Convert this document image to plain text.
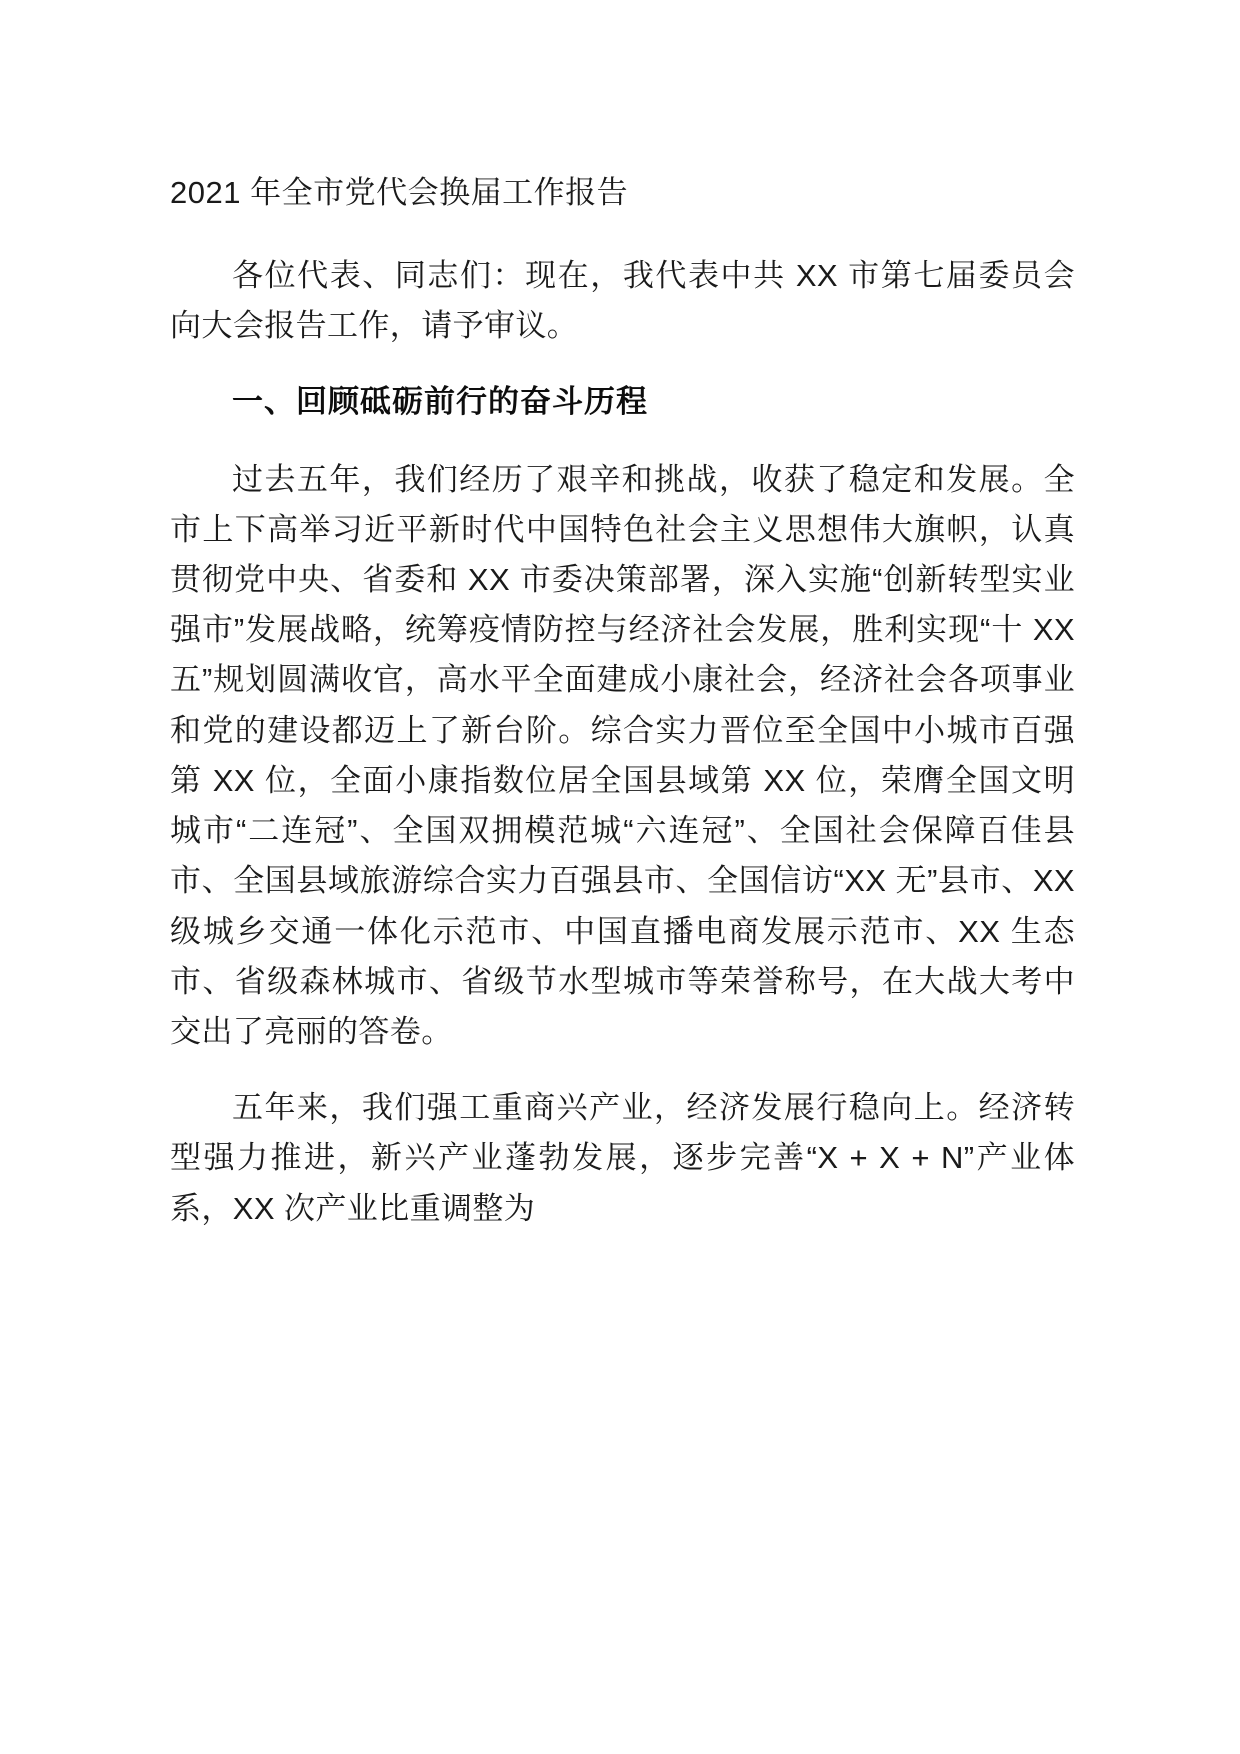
2021 年全市党代会换届工作报告

各位代表、同志们：现在，我代表中共 XX 市第七届委员会向大会报告工作，请予审议。

一、回顾砥砺前行的奋斗历程

过去五年，我们经历了艰辛和挑战，收获了稳定和发展。全市上下高举习近平新时代中国特色社会主义思想伟大旗帜，认真贯彻党中央、省委和 XX 市委决策部署，深入实施“创新转型实业强市”发展战略，统筹疫情防控与经济社会发展，胜利实现“十 XX 五”规划圆满收官，高水平全面建成小康社会，经济社会各项事业和党的建设都迈上了新台阶。综合实力晋位至全国中小城市百强第 XX 位，全面小康指数位居全国县域第 XX 位，荣膺全国文明城市“二连冠”、全国双拥模范城“六连冠”、全国社会保障百佳县市、全国县域旅游综合实力百强县市、全国信访“XX 无”县市、XX 级城乡交通一体化示范市、中国直播电商发展示范市、XX 生态市、省级森林城市、省级节水型城市等荣誉称号，在大战大考中交出了亮丽的答卷。

五年来，我们强工重商兴产业，经济发展行稳向上。经济转型强力推进，新兴产业蓬勃发展，逐步完善“X + X + N”产业体系，XX 次产业比重调整为
